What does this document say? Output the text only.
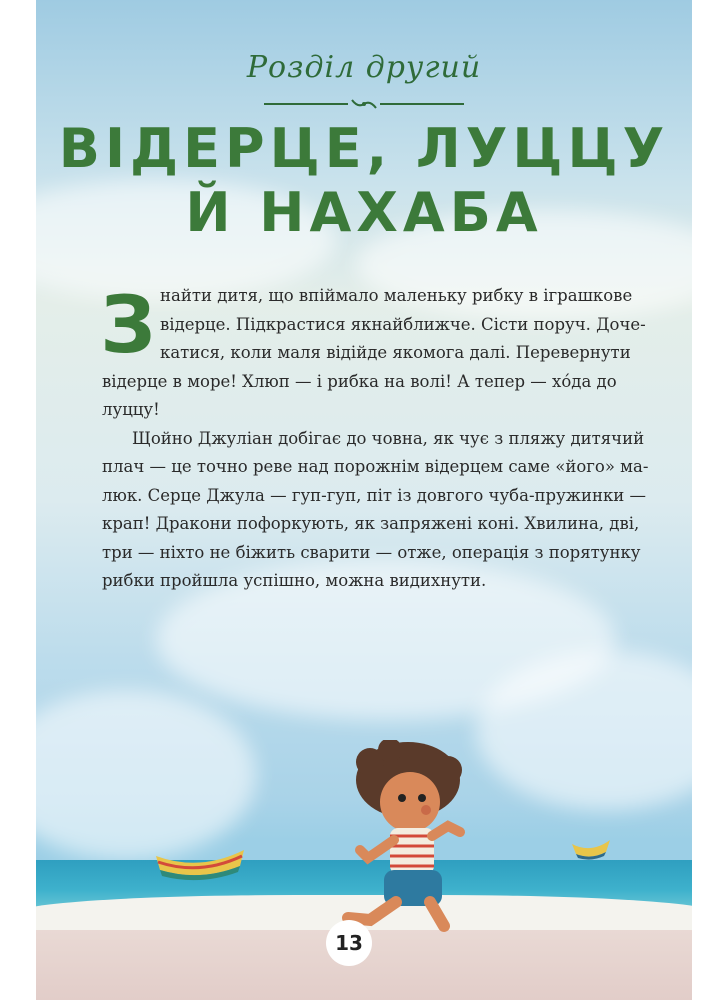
Розділ другий
ВІДЕРЦЕ, ЛУЦЦУ
Й НАХАБА
З найти дитя, що впіймало маленьку рибку в іграшкове
відерце. Підкрастися якнайближче. Сісти поруч. Доче-
катися, коли маля відійде якомога далі. Перевернути
відерце в море! Хлюп — і рибка на волі! А тепер — хо́да до
луццу!
Щойно Джуліан добігає до човна, як чує з пляжу дитячий
плач — це точно реве над порожнім відерцем саме «його» ма-
люк. Серце Джула — гуп-гуп, піт із довгого чуба-пружинки —
крап! Дракони пофоркують, як запряжені коні. Хвилина, дві,
три — ніхто не біжить сварити — отже, операція з порятунку
рибки пройшла успішно, можна видихнути.
13
